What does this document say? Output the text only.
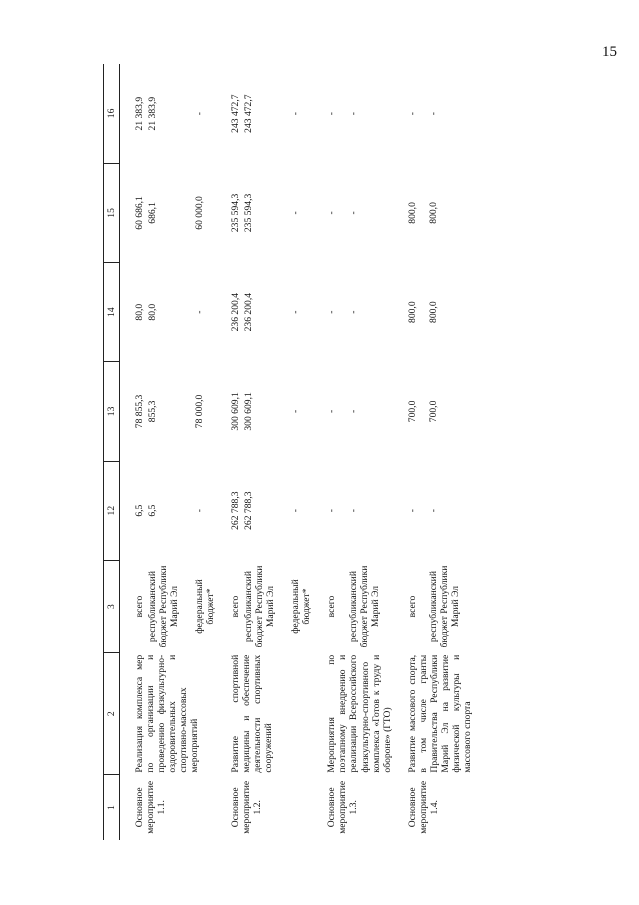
15
1	2	3	12	13	14	15	16
Основное мероприятие 1.1.	Реализация комплекса мер по организации и проведению физкультурно-оздоровительных и спортивно-массовых мероприятий	всего	6,5	78 855,3	80,0	60 686,1	21 383,9
		республиканский бюджет Республики Марий Эл	6,5	855,3	80,0	686,1	21 383,9
		федеральный бюджет*	-	78 000,0	-	60 000,0	-
Основное мероприятие 1.2.	Развитие спортивной медицины и обеспечение деятельности спортивных сооружений	всего	262 788,3	300 609,1	236 200,4	235 594,3	243 472,7
		республиканский бюджет Республики Марий Эл	262 788,3	300 609,1	236 200,4	235 594,3	243 472,7
		федеральный бюджет*	-	-	-	-	-
Основное мероприятие 1.3.	Мероприятия по поэтапному внедрению и реализации Всероссийского физкультурно-спортивного комплекса «Готов к труду и обороне» (ГТО)	всего	-	-	-	-	-
		республиканский бюджет Республики Марий Эл	-	-	-	-	-
Основное мероприятие 1.4.	Развитие массового спорта, в том числе гранты Правительства Республики Марий Эл на развитие физической культуры и массового спорта	всего	-	700,0	800,0	800,0	-
		республиканский бюджет Республики Марий Эл	-	700,0	800,0	800,0	-
